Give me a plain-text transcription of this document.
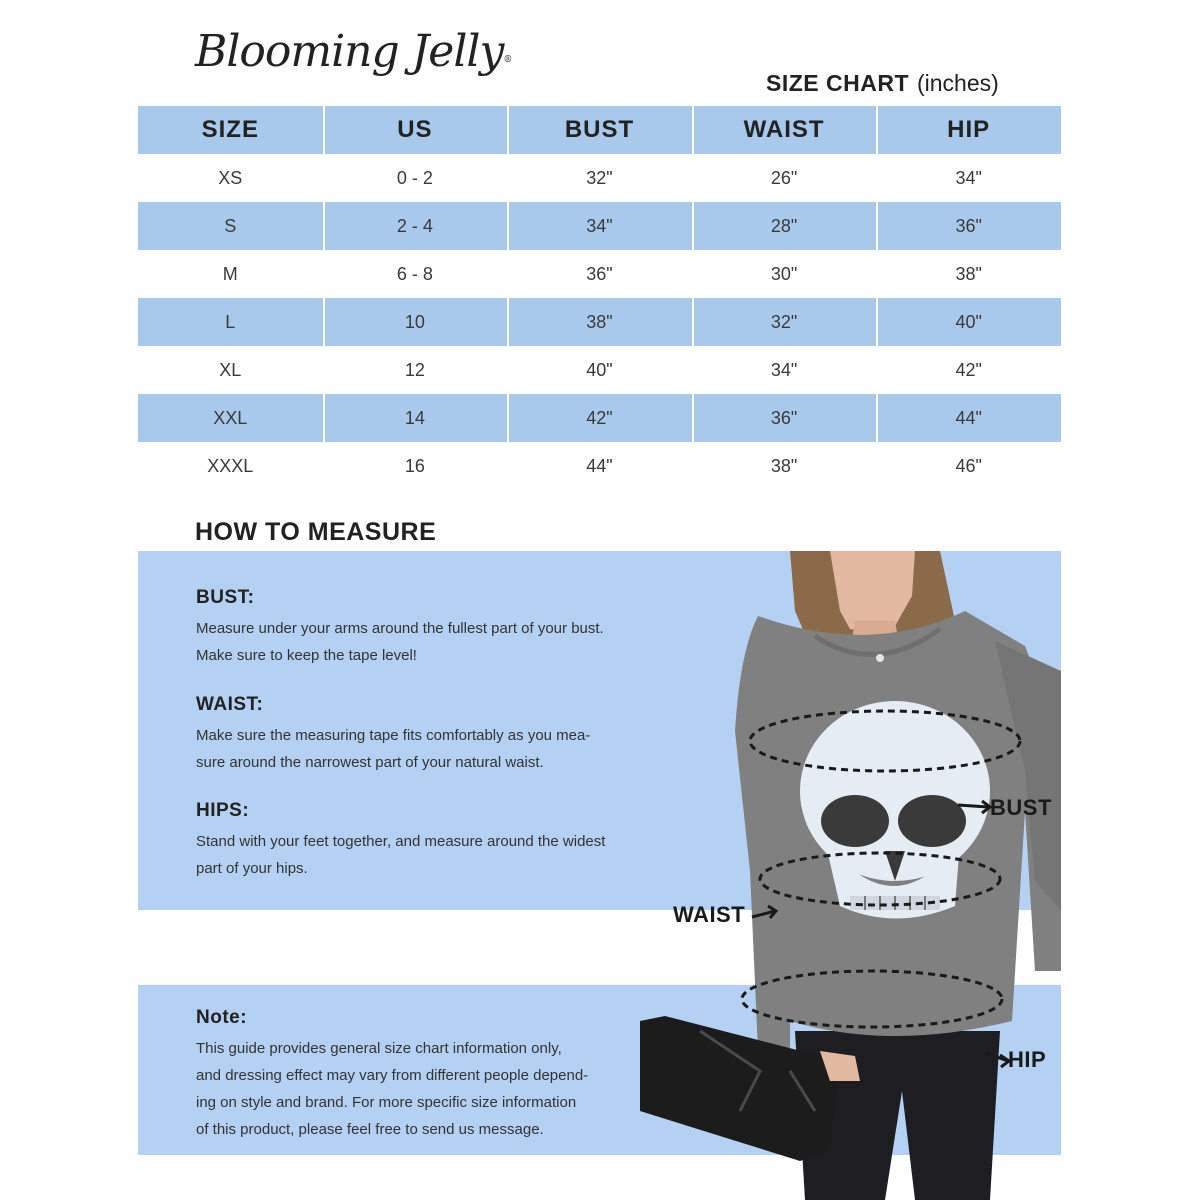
Blooming Jelly®
SIZE CHART (inches)
SIZE	US	BUST	WAIST	HIP
XS	0 - 2	32"	26"	34"
S	2 - 4	34"	28"	36"
M	6 - 8	36"	30"	38"
L	10	38"	32"	40"
XL	12	40"	34"	42"
XXL	14	42"	36"	44"
XXXL	16	44"	38"	46"
HOW TO MEASURE
BUST:
Measure under your arms around the fullest part of your bust.
Make sure to keep the tape level!
WAIST:
Make sure the measuring tape fits comfortably as you mea-
sure around the narrowest part of your natural waist.
HIPS:
Stand with your feet together, and measure around the widest
part of your hips.
Note:
This guide provides general size chart information only,
and dressing effect may vary from different people depend-
ing on style and brand. For more specific size information
of this product, please feel free to send us message.
BUST
WAIST
HIP
